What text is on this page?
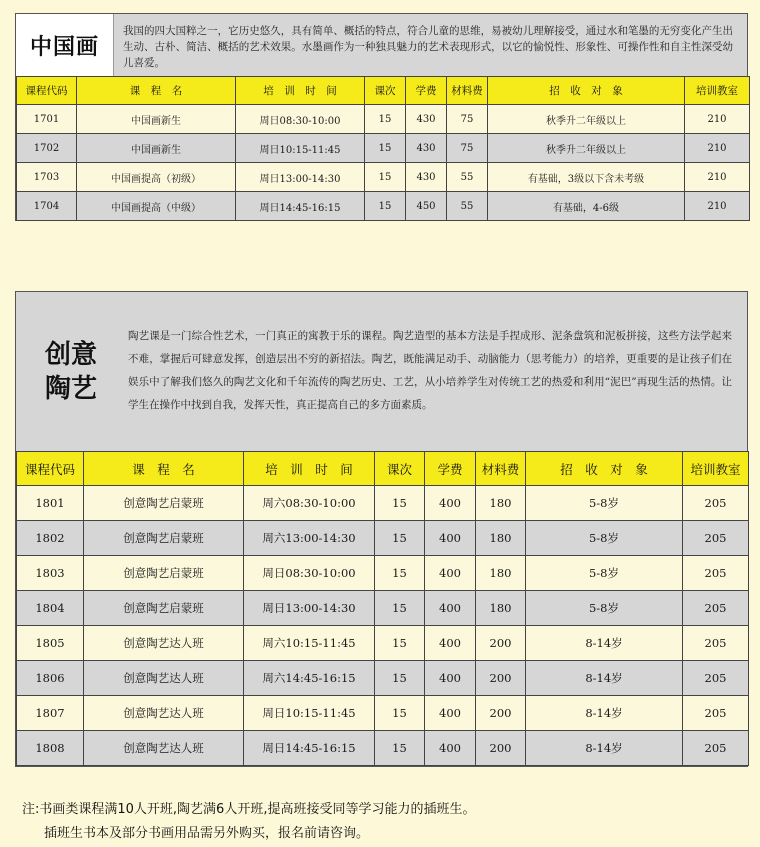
中国画
我国的四大国粹之一，它历史悠久，具有简单、概括的特点，符合儿童的思维，易被幼儿理解接受，通过水和笔墨的无穷变化产生出生动、古朴、简洁、概括的艺术效果。水墨画作为一种独具魅力的艺术表现形式，以它的愉悦性、形象性、可操作性和自主性深受幼儿喜爱。
课程代码	课　程　名	培　训　时　间	课次	学费	材料费	招　收　对　象	培训教室
1701	中国画新生	周日08:30-10:00	15	430	75	秋季升二年级以上	210
1702	中国画新生	周日10:15-11:45	15	430	75	秋季升二年级以上	210
1703	中国画提高（初级）	周日13:00-14:30	15	430	55	有基础，3级以下含未考级	210
1704	中国画提高（中级）	周日14:45-16:15	15	450	55	有基础，4-6级	210
创意
陶艺
陶艺课是一门综合性艺术，一门真正的寓教于乐的课程。陶艺造型的基本方法是手捏成形、泥条盘筑和泥板拼接，这些方法学起来不难，掌握后可肆意发挥，创造层出不穷的新招法。陶艺，既能满足动手、动脑能力（思考能力）的培养，更重要的是让孩子们在娱乐中了解我们悠久的陶艺文化和千年流传的陶艺历史、工艺，从小培养学生对传统工艺的热爱和利用“泥巴”再现生活的热情。让学生在操作中找到自我，发挥天性，真正提高自己的多方面素质。
课程代码	课　程　名	培　训　时　间	课次	学费	材料费	招　收　对　象	培训教室
1801	创意陶艺启蒙班	周六08:30-10:00	15	400	180	5-8岁	205
1802	创意陶艺启蒙班	周六13:00-14:30	15	400	180	5-8岁	205
1803	创意陶艺启蒙班	周日08:30-10:00	15	400	180	5-8岁	205
1804	创意陶艺启蒙班	周日13:00-14:30	15	400	180	5-8岁	205
1805	创意陶艺达人班	周六10:15-11:45	15	400	200	8-14岁	205
1806	创意陶艺达人班	周六14:45-16:15	15	400	200	8-14岁	205
1807	创意陶艺达人班	周日10:15-11:45	15	400	200	8-14岁	205
1808	创意陶艺达人班	周日14:45-16:15	15	400	200	8-14岁	205
注:书画类课程满10人开班,陶艺满6人开班,提高班接受同等学习能力的插班生。
插班生书本及部分书画用品需另外购买，报名前请咨询。
